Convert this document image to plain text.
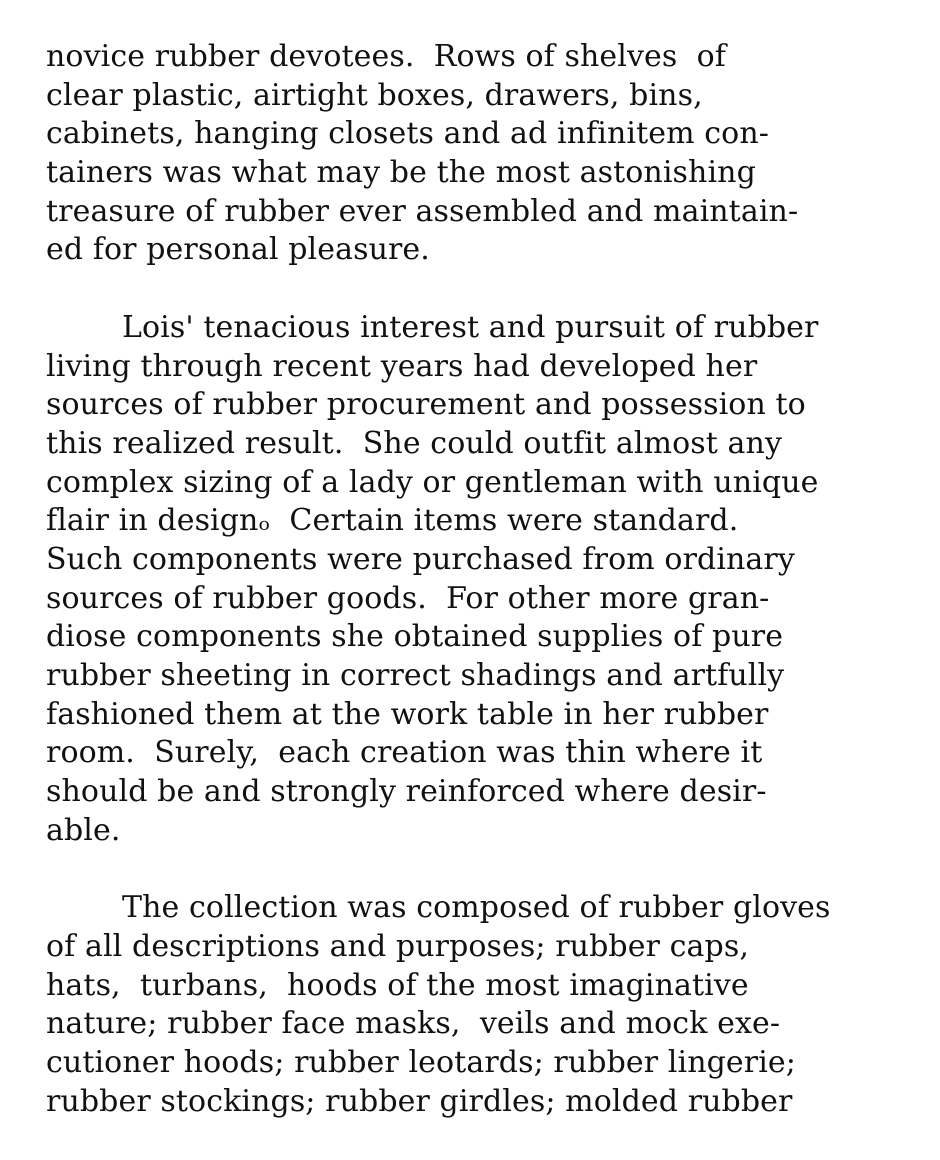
novice rubber devotees.  Rows of shelves  of
clear plastic, airtight boxes, drawers, bins,
cabinets, hanging closets and ad infinitem con-
tainers was what may be the most astonishing
treasure of rubber ever assembled and maintain-
ed for personal pleasure.
Lois' tenacious interest and pursuit of rubber
living through recent years had developed her
sources of rubber procurement and possession to
this realized result.  She could outfit almost any
complex sizing of a lady or gentleman with unique
flair in designₒ  Certain items were standard.
Such components were purchased from ordinary
sources of rubber goods.  For other more gran-
diose components she obtained supplies of pure
rubber sheeting in correct shadings and artfully
fashioned them at the work table in her rubber
room.  Surely,  each creation was thin where it
should be and strongly reinforced where desir-
able.
The collection was composed of rubber gloves
of all descriptions and purposes; rubber caps,
hats,  turbans,  hoods of the most imaginative
nature; rubber face masks,  veils and mock exe-
cutioner hoods; rubber leotards; rubber lingerie;
rubber stockings; rubber girdles; molded rubber
